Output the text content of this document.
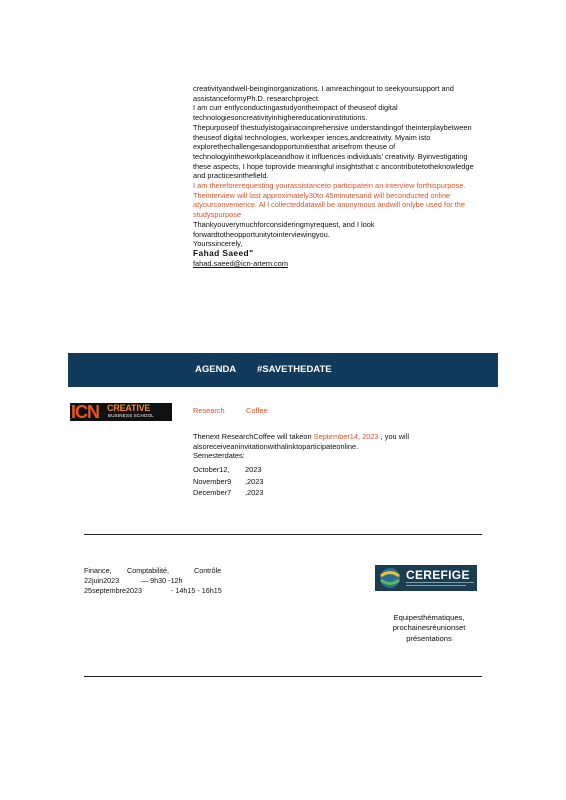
creativityandwell-beinginorganizations. I amreachingout to seekyoursupport and assistanceformyPh.D. researchproject.

I am curr entlyconductingastudyontheimpact of theuseof digital technologiesoncreativityinhighereducationinstitutions.

Thepurposeof thestudyistogainacomprehensive understandingof theinterplaybetween theuseof digital technologies, workexper iences,andcreativity. Myaim isto explorethechallengesandopportunitiesthat arisefrom theuse of technologyintheworkplaceandhow it influences individuals' creativity. Byinvestigating these aspects, I hope toprovide meaningful insightsthat c ancontributetotheknowledge and practicesinthefield.

I am thereforerequesting yourassistanceto participatein an interview forthispurpose. Theinterview will last approximately30to 45minutesand will beconducted online atyourconvenience. Al l collecteddatawill be anonymous andwill onlybe used for the studyspurpose

Thankyouverymuchforconsideringmyrequest, and I look forwardtotheopportunitytointerviewingyou.

Yourssincerely,

Fahad Saeed"

fahad.saeed@icn-artem.com

AGENDA #SAVETHEDATE
ICN CREATIVE
BUSINESS SCHOOL
Research	Coffee

Thenext ResearchCoffee will takeon September14, 2023 , you will alsoreceiveaninvitationwithalinktoparticipateonline.

Semesterdates:

October12, 2023
November9 ,2023
December7 ,2023
Finance, Comptabilité,	Contrôle
22juin2023	— 9h30 -12h
25septembre2023	- 14h15 - 16h15
CEREFIGE
Equipesthématiques,
prochainesréunionset
présentations
